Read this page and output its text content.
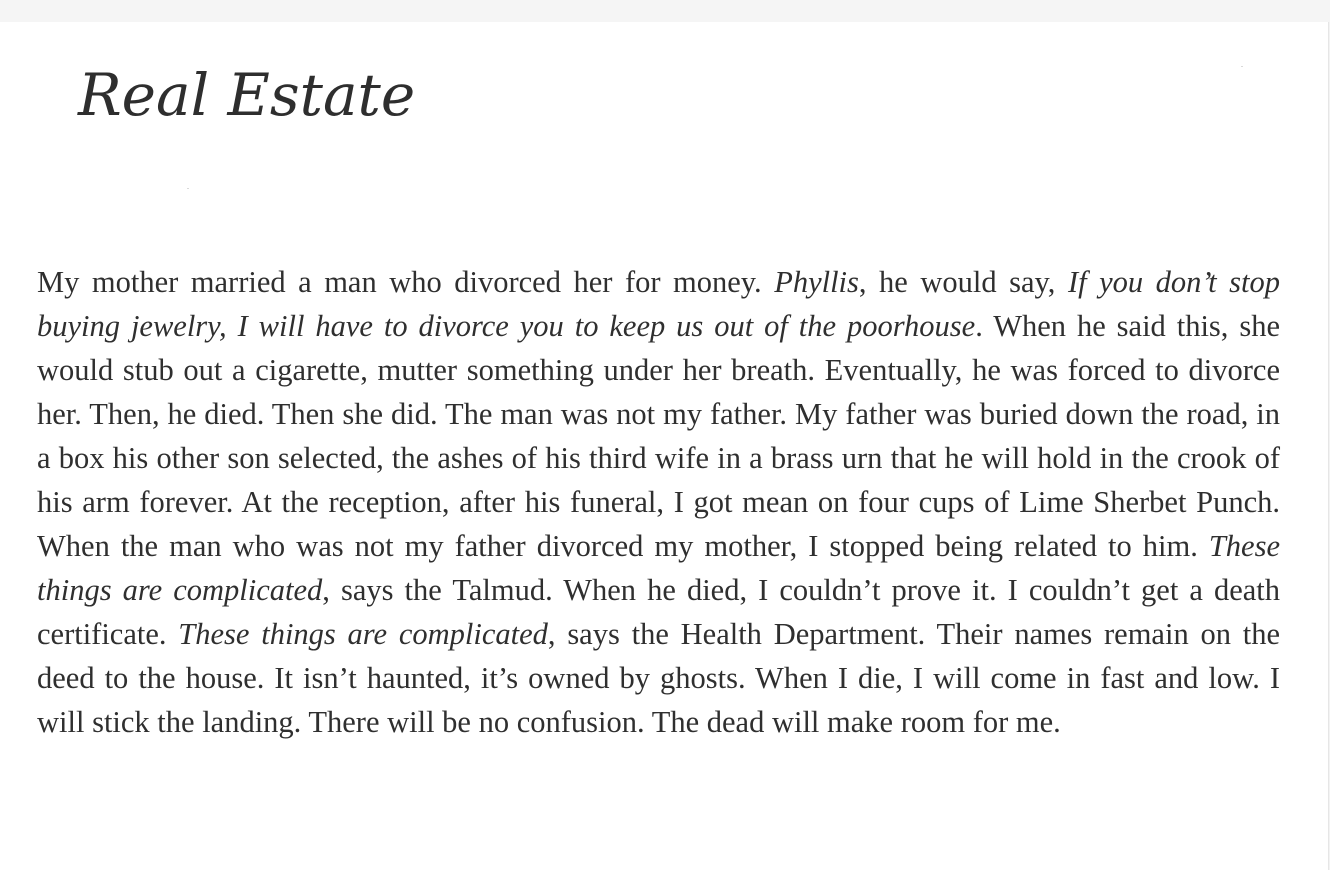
Real Estate

My mother married a man who divorced her for money. Phyllis, he would say, If you don’t stop buying jewelry, I will have to divorce you to keep us out of the poorhouse. When he said this, she would stub out a cigarette, mutter something under her breath. Eventually, he was forced to divorce her. Then, he died. Then she did. The man was not my father. My father was buried down the road, in a box his other son selected, the ashes of his third wife in a brass urn that he will hold in the crook of his arm forever. At the reception, after his funeral, I got mean on four cups of Lime Sherbet Punch. When the man who was not my father divorced my mother, I stopped being related to him. These things are complicated, says the Talmud. When he died, I couldn’t prove it. I couldn’t get a death certificate. These things are complicated, says the Health Department. Their names remain on the deed to the house. It isn’t haunted, it’s owned by ghosts. When I die, I will come in fast and low. I will stick the landing. There will be no confusion. The dead will make room for me.
